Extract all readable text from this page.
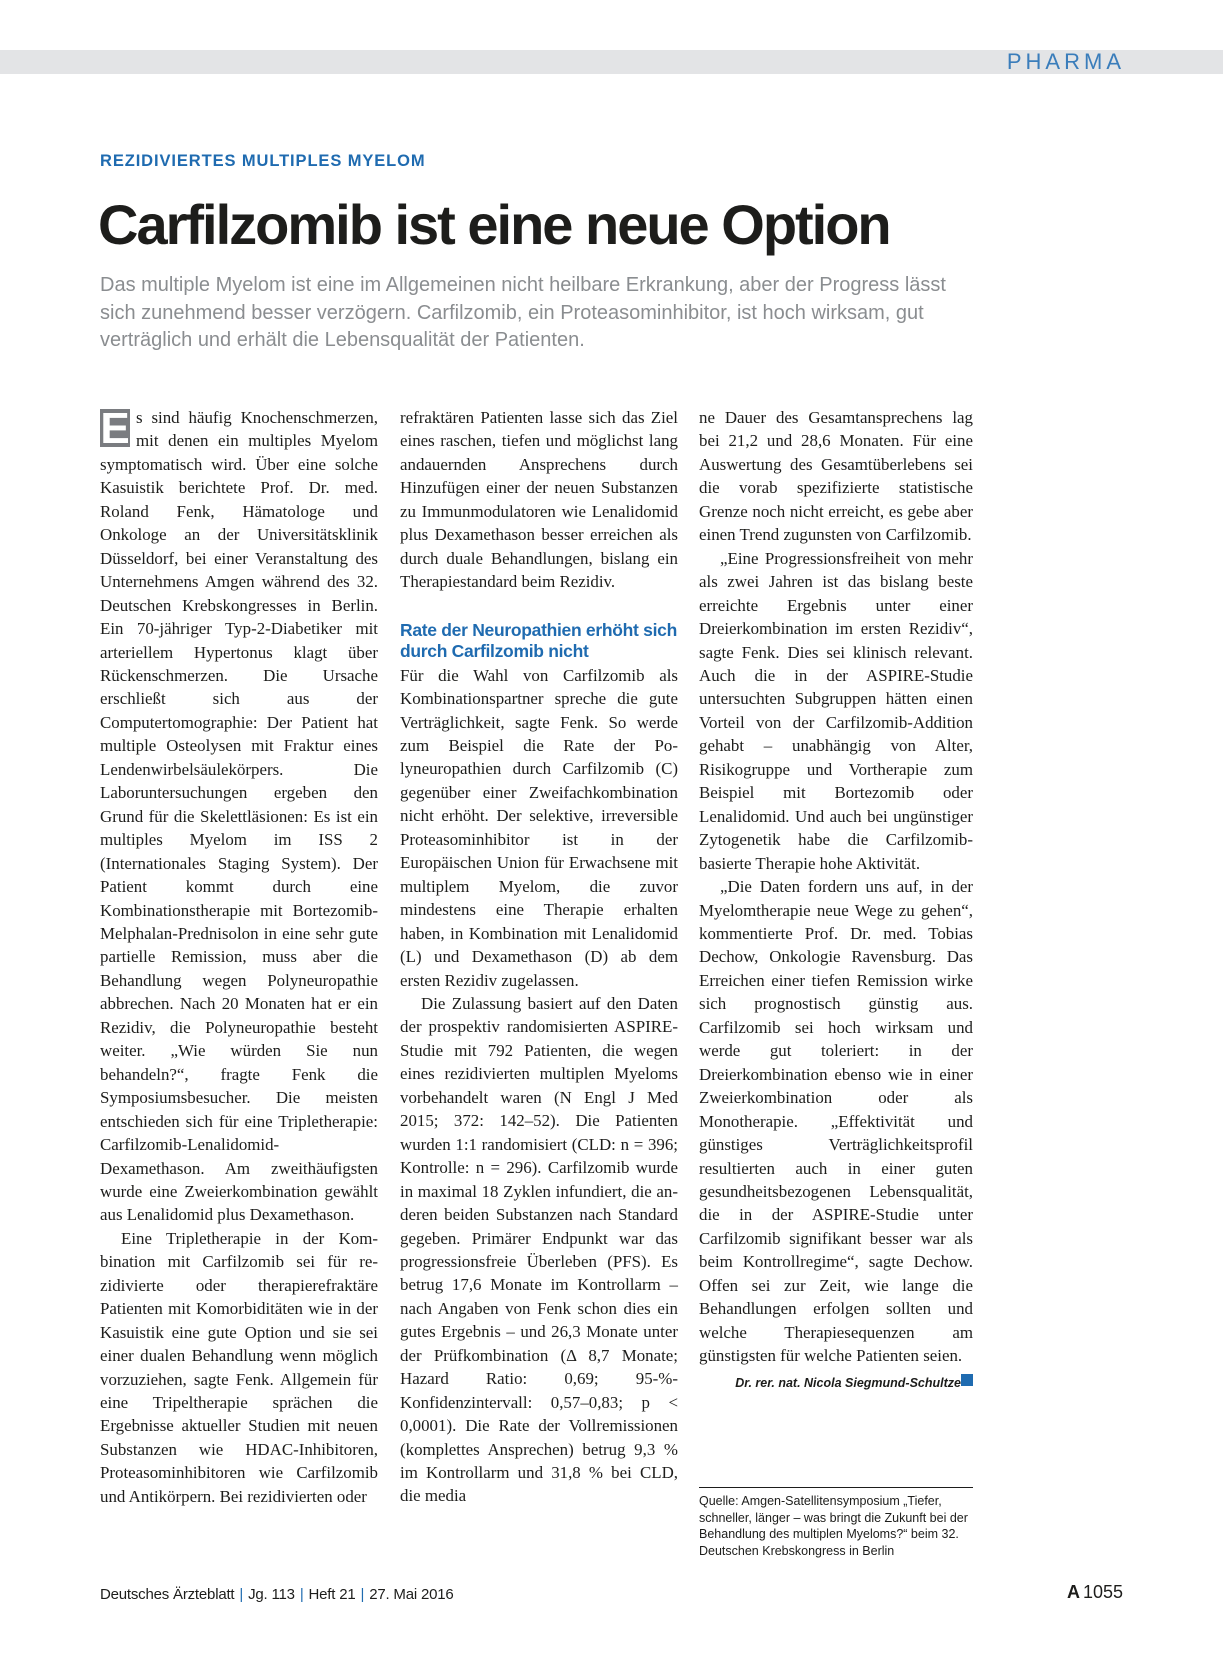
PHARMA
REZIDIVIERTES MULTIPLES MYELOM
Carfilzomib ist eine neue Option
Das multiple Myelom ist eine im Allgemeinen nicht heilbare Erkrankung, aber der Progress lässt sich zunehmend besser verzögern. Carfilzomib, ein Proteasominhibitor, ist hoch wirksam, gut verträglich und erhält die Lebensqualität der Patienten.

E s sind häufig Knochenschmerzen, mit denen ein multiples Myelom symptomatisch wird. Über eine solche Kasuistik berichtete Prof. Dr. med. Roland Fenk, Hämatologe und Onkologe an der Universitätsklinik Düsseldorf, bei einer Veranstaltung des Unternehmens Amgen während des 32. Deutschen Krebskongresses in Berlin. Ein 70-jähriger Typ-2-Diabetiker mit arteriellem Hypertonus klagt über Rückenschmerzen. Die Ursache erschließt sich aus der Computertomographie: Der Patient hat multiple Osteolysen mit Fraktur eines Lendenwirbelsäulekörpers. Die Laboruntersuchungen ergeben den Grund für die Skelettläsionen: Es ist ein multiples Myelom im ISS 2 (Internationales Staging System). Der Patient kommt durch eine Kombinationstherapie mit Bortezomib-Melphalan-Prednisolon in eine sehr gute partielle Remission, muss aber die Behandlung wegen Polyneuropathie abbrechen. Nach 20 Monaten hat er ein Rezidiv, die Polyneuropathie besteht weiter. „Wie würden Sie nun behandeln?“, fragte Fenk die Symposiumsbesucher. Die meisten entschieden sich für eine Tripletherapie: Carfilzomib-Lenalidomid-Dexamethason. Am zweithäufigsten wurde eine Zweierkombination gewählt aus Lenalidomid plus Dexamethason.

Eine Tripletherapie in der Kombination mit Carfilzomib sei für rezidivierte oder therapierefraktäre Patienten mit Komorbiditäten wie in der Kasuistik eine gute Option und sie sei einer dualen Behandlung wenn möglich vorzuziehen, sagte Fenk. Allgemein für eine Tripeltherapie sprächen die Ergebnisse aktueller Studien mit neuen Substanzen wie HDAC-Inhibitoren, Proteasominhibitoren wie Carfilzomib und Antikörpern. Bei rezidivierten oder

refraktären Patienten lasse sich das Ziel eines raschen, tiefen und möglichst lang andauernden Ansprechens durch Hinzufügen einer der neuen Substanzen zu Immunmodulatoren wie Lenalidomid plus Dexamethason besser erreichen als durch duale Behandlungen, bislang ein Therapiestandard beim Rezidiv.

Rate der Neuropathien erhöht sich durch Carfilzomib nicht

Für die Wahl von Carfilzomib als Kombinationspartner spreche die gute Verträglichkeit, sagte Fenk. So werde zum Beispiel die Rate der Polyneuropathien durch Carfilzomib (C) gegenüber einer Zweifachkombination nicht erhöht. Der selektive, irreversible Proteasominhibitor ist in der Europäischen Union für Erwachsene mit multiplem Myelom, die zuvor mindestens eine Therapie erhalten haben, in Kombination mit Lenalidomid (L) und Dexamethason (D) ab dem ersten Rezidiv zugelassen.

Die Zulassung basiert auf den Daten der prospektiv randomisierten ASPIRE-Studie mit 792 Patienten, die wegen eines rezidivierten multiplen Myeloms vorbehandelt waren (N Engl J Med 2015; 372: 142–52). Die Patienten wurden 1:1 randomisiert (CLD: n = 396; Kontrolle: n = 296). Carfilzomib wurde in maximal 18 Zyklen infundiert, die anderen beiden Substanzen nach Standard gegeben. Primärer Endpunkt war das progressionsfreie Überleben (PFS). Es betrug 17,6 Monate im Kontrollarm – nach Angaben von Fenk schon dies ein gutes Ergebnis – und 26,3 Monate unter der Prüfkombination (Δ 8,7 Monate; Hazard Ratio: 0,69; 95-%-Konfidenzintervall: 0,57–0,83; p < 0,0001). Die Rate der Vollremissionen (komplettes Ansprechen) betrug 9,3 % im Kontrollarm und 31,8 % bei CLD, die media

ne Dauer des Gesamtansprechens lag bei 21,2 und 28,6 Monaten. Für eine Auswertung des Gesamtüberlebens sei die vorab spezifizierte statistische Grenze noch nicht erreicht, es gebe aber einen Trend zugunsten von Carfilzomib.

„Eine Progressionsfreiheit von mehr als zwei Jahren ist das bislang beste erreichte Ergebnis unter einer Dreierkombination im ersten Rezidiv“, sagte Fenk. Dies sei klinisch relevant. Auch die in der ASPIRE-Studie untersuchten Subgruppen hätten einen Vorteil von der Carfilzomib-Addition gehabt – unabhängig von Alter, Risikogruppe und Vortherapie zum Beispiel mit Bortezomib oder Lenalidomid. Und auch bei ungünstiger Zytogenetik habe die Carfilzomib-basierte Therapie hohe Aktivität.

„Die Daten fordern uns auf, in der Myelomtherapie neue Wege zu gehen“, kommentierte Prof. Dr. med. Tobias Dechow, Onkologie Ravensburg. Das Erreichen einer tiefen Remission wirke sich prognostisch günstig aus. Carfilzomib sei hoch wirksam und werde gut toleriert: in der Dreierkombination ebenso wie in einer Zweierkombination oder als Monotherapie. „Effektivität und günstiges Verträglichkeitsprofil resultierten auch in einer guten gesundheitsbezogenen Lebensqualität, die in der ASPIRE-Studie unter Carfilzomib signifikant besser war als beim Kontrollregime“, sagte Dechow. Offen sei zur Zeit, wie lange die Behandlungen erfolgen sollten und welche Therapiesequenzen am günstigsten für welche Patienten seien.

Dr. rer. nat. Nicola Siegmund-Schultze
Quelle: Amgen-Satellitensymposium „Tiefer, schneller, länger – was bringt die Zukunft bei der Behandlung des multiplen Myeloms?“ beim 32. Deutschen Krebskongress in Berlin
Deutsches Ärzteblatt | Jg. 113 | Heft 21 | 27. Mai 2016	A 1055
